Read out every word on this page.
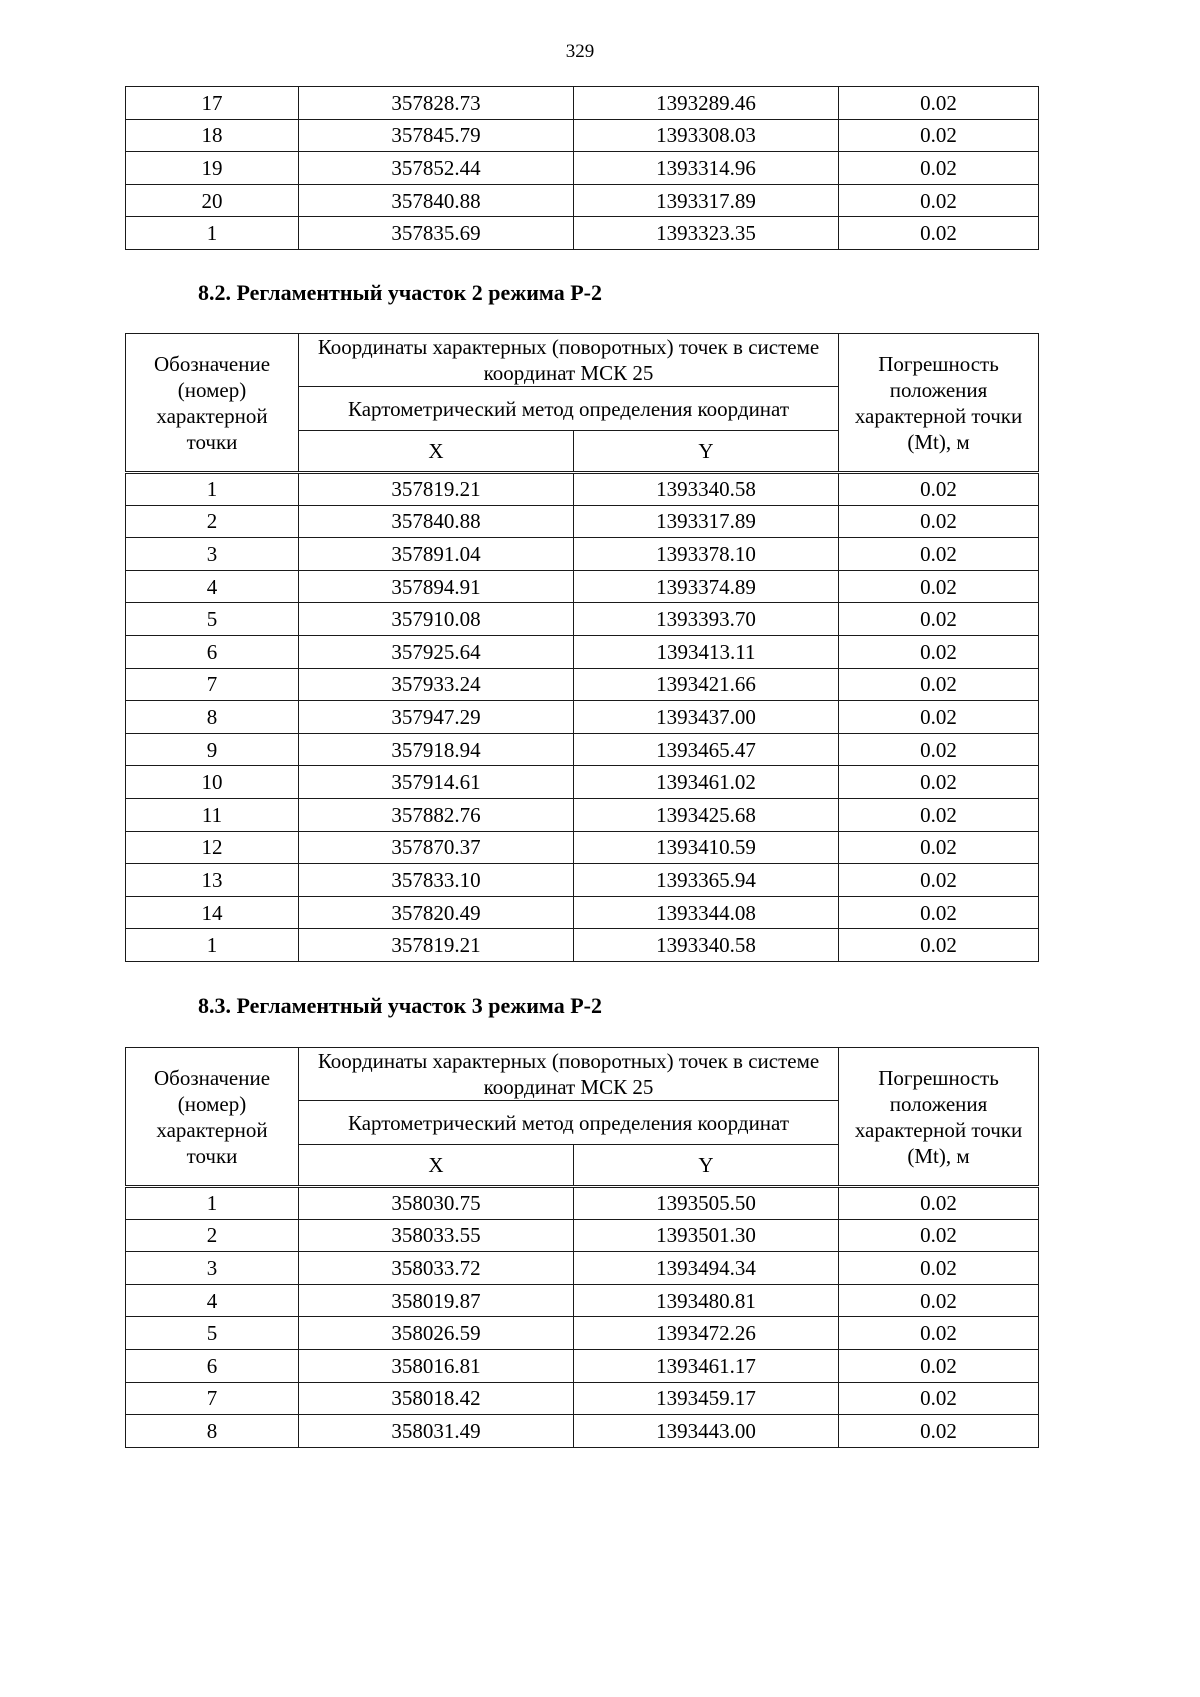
329
17	357828.73	1393289.46	0.02
18	357845.79	1393308.03	0.02
19	357852.44	1393314.96	0.02
20	357840.88	1393317.89	0.02
1	357835.69	1393323.35	0.02
8.2. Регламентный участок 2 режима Р-2
Обозначение (номер) характерной точки	Координаты характерных (поворотных) точек в системе координат МСК 25		Погрешность положения характерной точки (Mt), м
	Картометрический метод определения координат		
	X	Y	
1	357819.21	1393340.58	0.02
2	357840.88	1393317.89	0.02
3	357891.04	1393378.10	0.02
4	357894.91	1393374.89	0.02
5	357910.08	1393393.70	0.02
6	357925.64	1393413.11	0.02
7	357933.24	1393421.66	0.02
8	357947.29	1393437.00	0.02
9	357918.94	1393465.47	0.02
10	357914.61	1393461.02	0.02
11	357882.76	1393425.68	0.02
12	357870.37	1393410.59	0.02
13	357833.10	1393365.94	0.02
14	357820.49	1393344.08	0.02
1	357819.21	1393340.58	0.02
8.3. Регламентный участок 3 режима Р-2
Обозначение (номер) характерной точки	Координаты характерных (поворотных) точек в системе координат МСК 25		Погрешность положения характерной точки (Mt), м
	Картометрический метод определения координат		
	X	Y	
1	358030.75	1393505.50	0.02
2	358033.55	1393501.30	0.02
3	358033.72	1393494.34	0.02
4	358019.87	1393480.81	0.02
5	358026.59	1393472.26	0.02
6	358016.81	1393461.17	0.02
7	358018.42	1393459.17	0.02
8	358031.49	1393443.00	0.02
